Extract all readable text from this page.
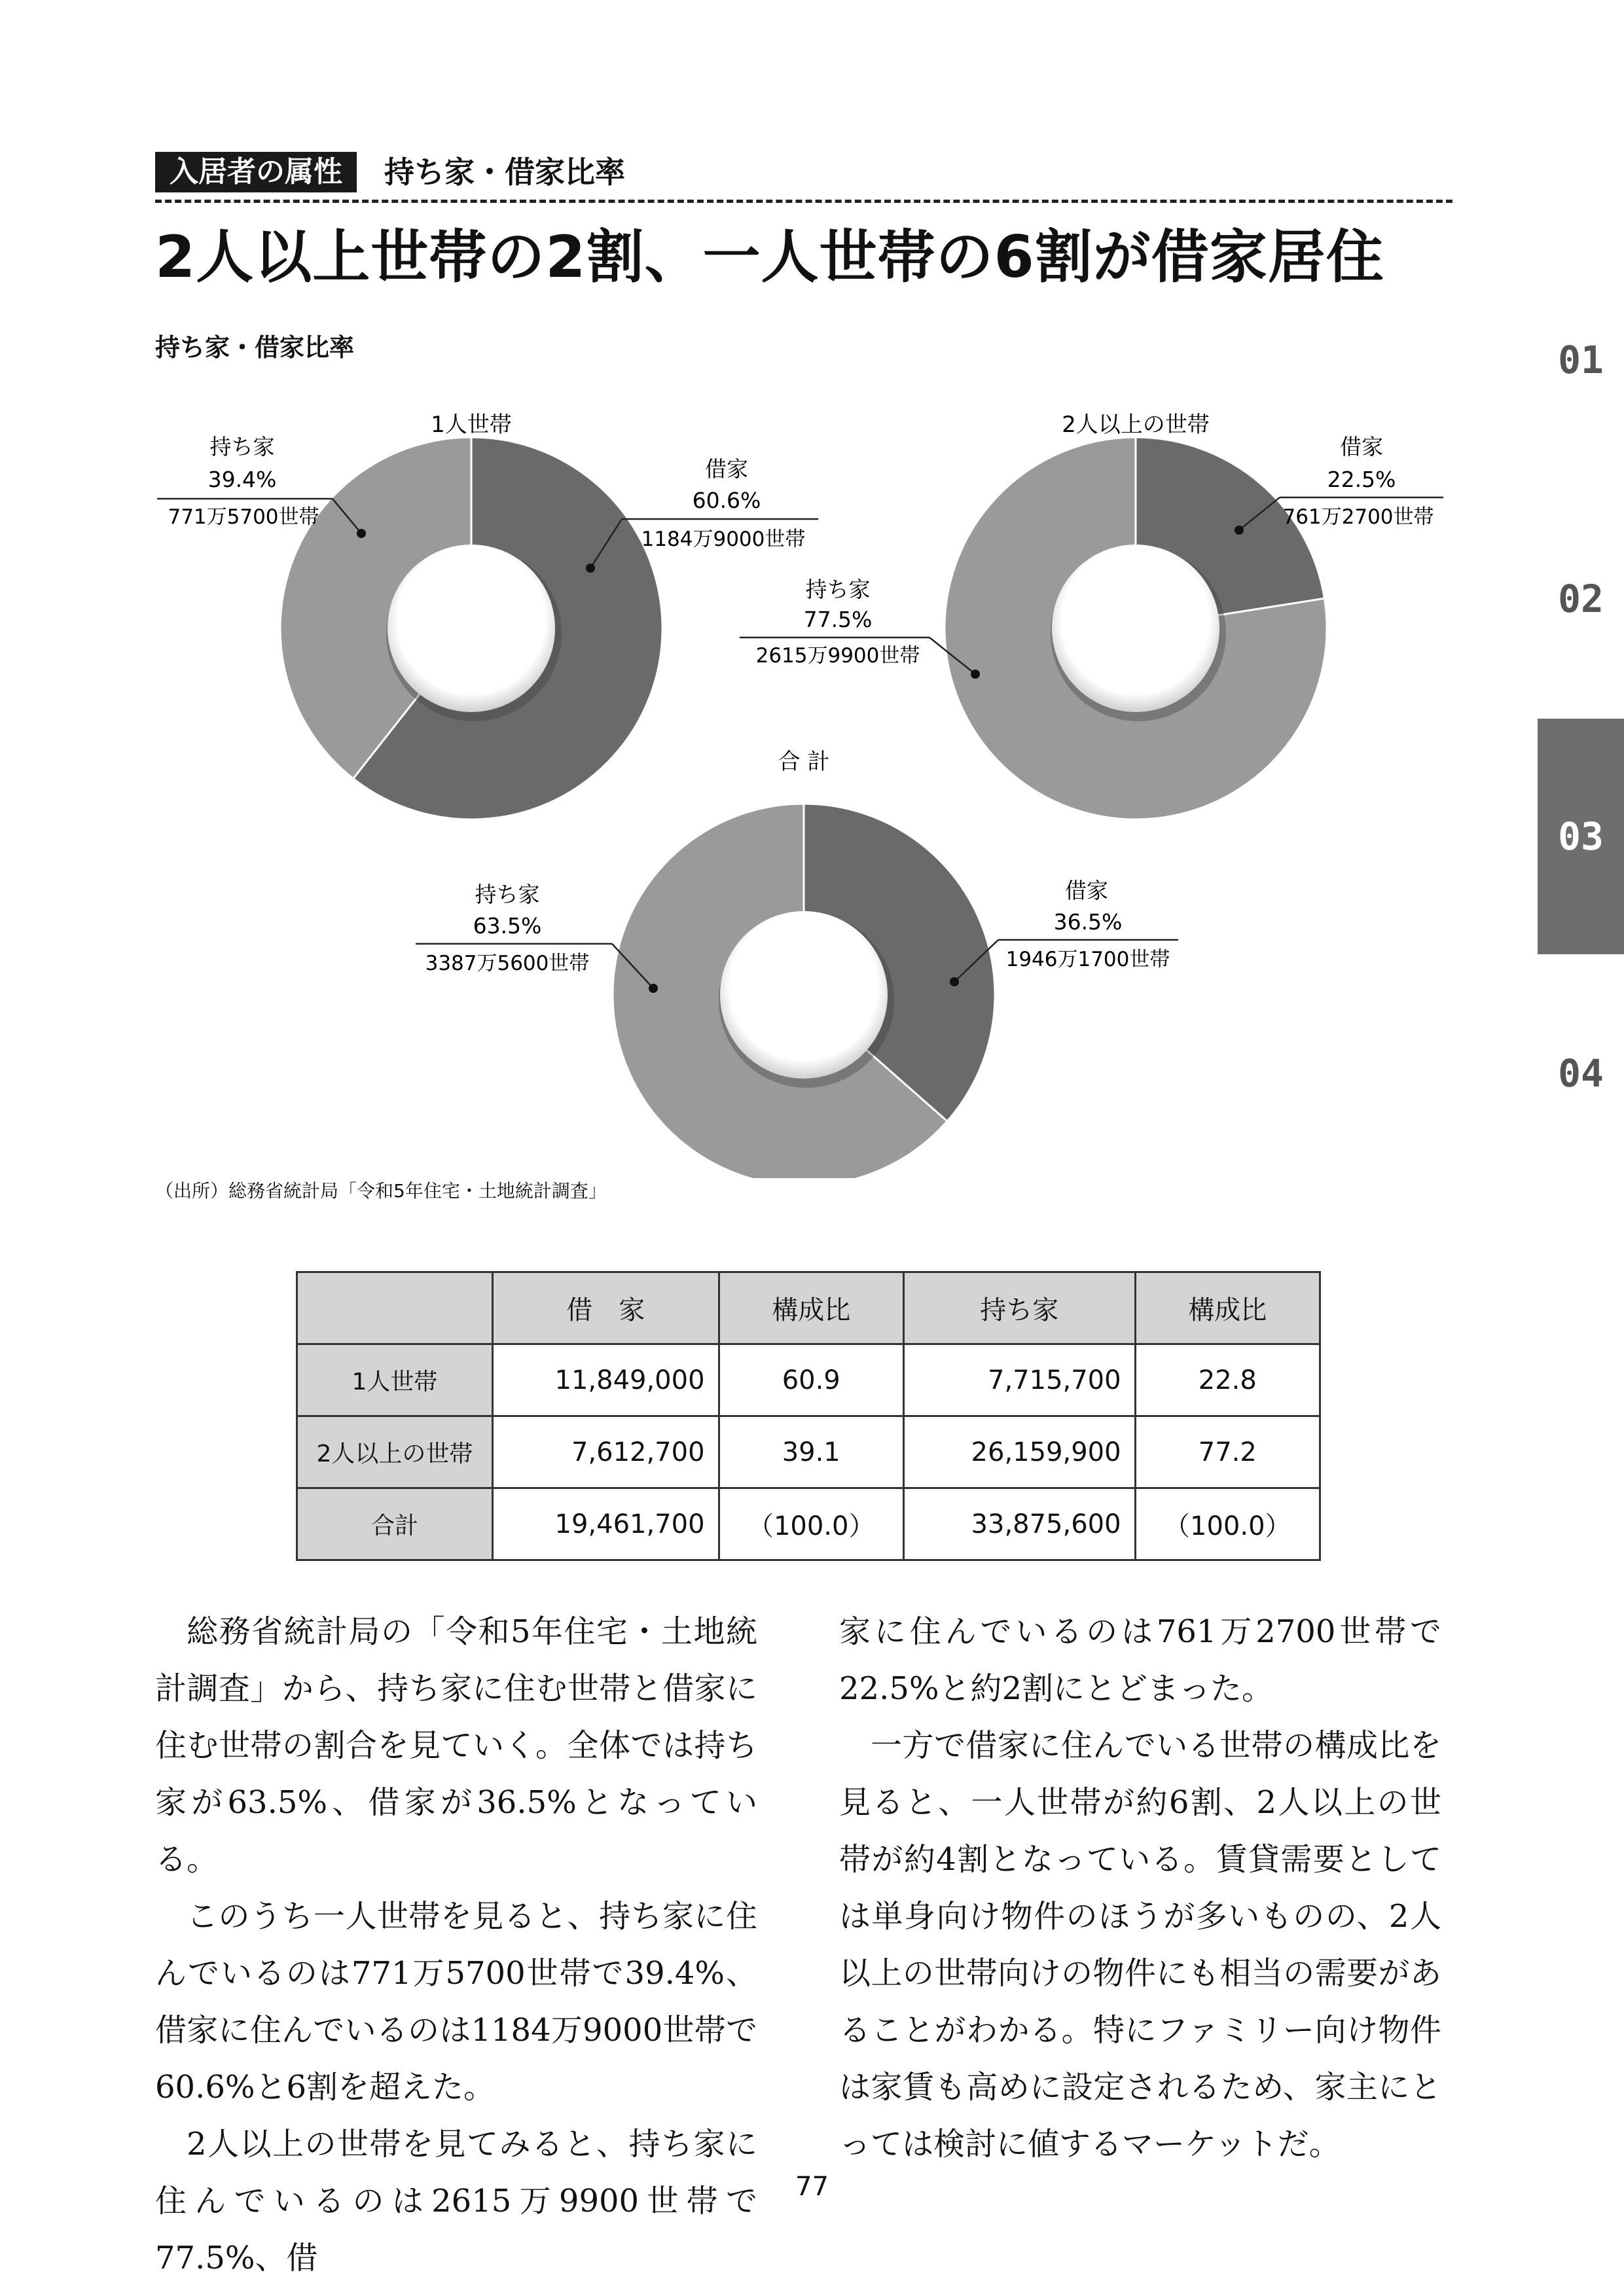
入居者の属性	持ち家・借家比率
2人以上世帯の2割、一人世帯の6割が借家居住
持ち家・借家比率	01
02
03
04
1人世帯
借家
60.6%
1184万9000世帯
持ち家
39.4%
771万5700世帯
2人以上の世帯
借家
22.5%
761万2700世帯
持ち家
77.5%
2615万9900世帯
合 計
借家
36.5%
1946万1700世帯
持ち家
63.5%
3387万5600世帯
（出所）総務省統計局「令和5年住宅・土地統計調査」
	借　家	構成比	持ち家	構成比
1人世帯	11,849,000	60.9	7,715,700	22.8
2人以上の世帯	7,612,700	39.1	26,159,900	77.2
合計	19,461,700	（100.0）	33,875,600	（100.0）

総務省統計局の「令和5年住宅・土地統計調査」から、持ち家に住む世帯と借家に住む世帯の割合を見ていく。全体では持ち家が63.5%、借家が36.5%となっている。

このうち一人世帯を見ると、持ち家に住んでいるのは771万5700世帯で39.4%、借家に住んでいるのは1184万9000世帯で60.6%と6割を超えた。

2人以上の世帯を見てみると、持ち家に住んでいるのは2615万9900世帯で77.5%、借

家に住んでいるのは761万2700世帯で22.5%と約2割にとどまった。

一方で借家に住んでいる世帯の構成比を見ると、一人世帯が約6割、2人以上の世帯が約4割となっている。賃貸需要としては単身向け物件のほうが多いものの、2人以上の世帯向けの物件にも相当の需要があることがわかる。特にファミリー向け物件は家賃も高めに設定されるため、家主にとっては検討に値するマーケットだ。

77
